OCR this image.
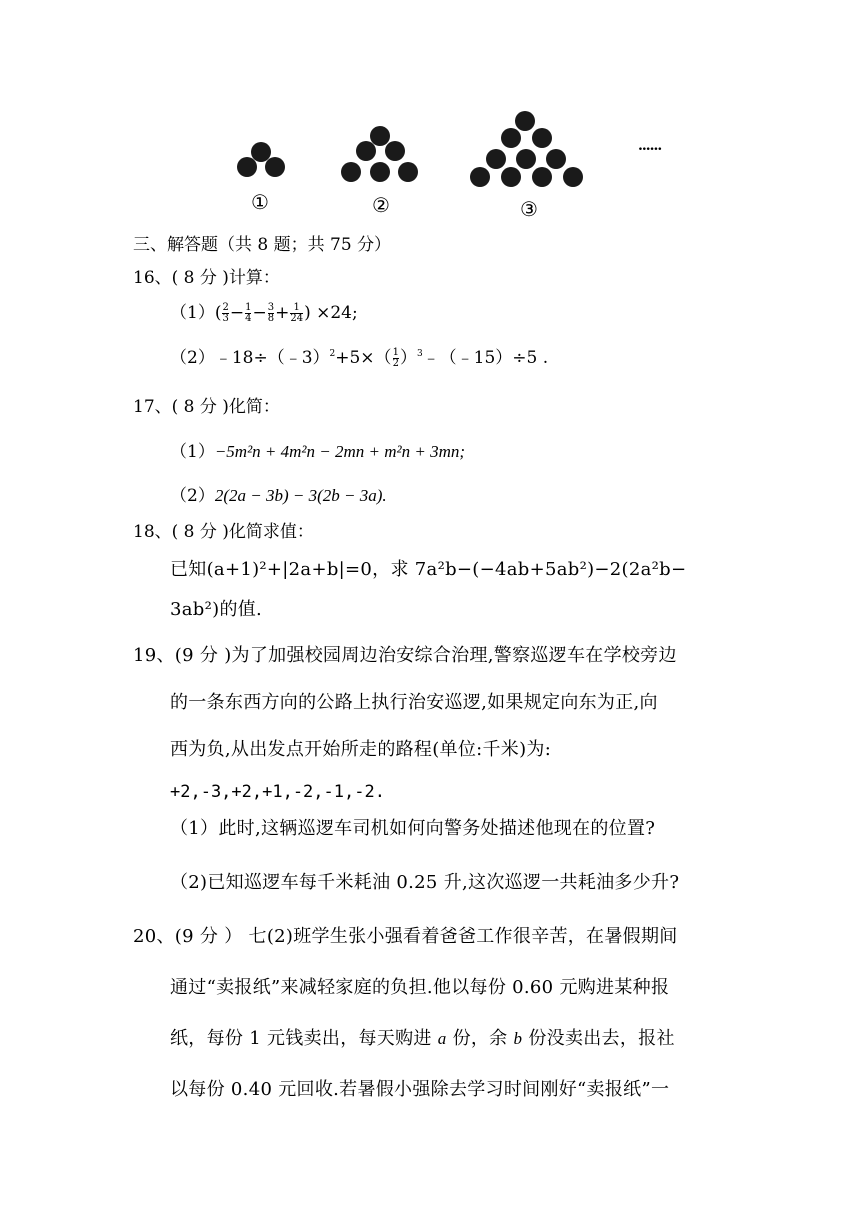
①	②	③
......
三、解答题（共 8 题；共 75 分）
16、( 8 分 )计算：
$(1)( \frac{2}{3} - \frac{1}{4} - \frac{3}{8} + \frac{1}{24}$ ) ×24;
（2）﹣18÷（﹣3）$^2$+5×（ $\frac{1}{2}$ ）$^3$﹣（﹣15）÷5 .
17、( 8 分 )化简：
（1）−5m²n + 4m²n − 2mn + m²n + 3mn;
（2）2(2a − 3b) − 3(2b − 3a).
18、( 8 分 )化简求值：
已知(a+1)²+|2a+b|=0，求 7a²b−(−4ab+5ab²)−2(2a²b−
3ab²)的值.
19、(9 分 )为了加强校园周边治安综合治理,警察巡逻车在学校旁边
的一条东西方向的公路上执行治安巡逻,如果规定向东为正,向
西为负,从出发点开始所走的路程(单位:千米)为:
+2,-3,+2,+1,-2,-1,-2.
（1）此时,这辆巡逻车司机如何向警务处描述他现在的位置?
（2)已知巡逻车每千米耗油 0.25 升,这次巡逻一共耗油多少升?
20、(9 分 ） 七(2)班学生张小强看着爸爸工作很辛苦，在暑假期间
通过“卖报纸”来减轻家庭的负担.他以每份 0.60 元购进某种报
纸，每份 1 元钱卖出，每天购进 a 份，余 b 份没卖出去，报社
以每份 0.40 元回收.若暑假小强除去学习时间刚好“卖报纸”一
